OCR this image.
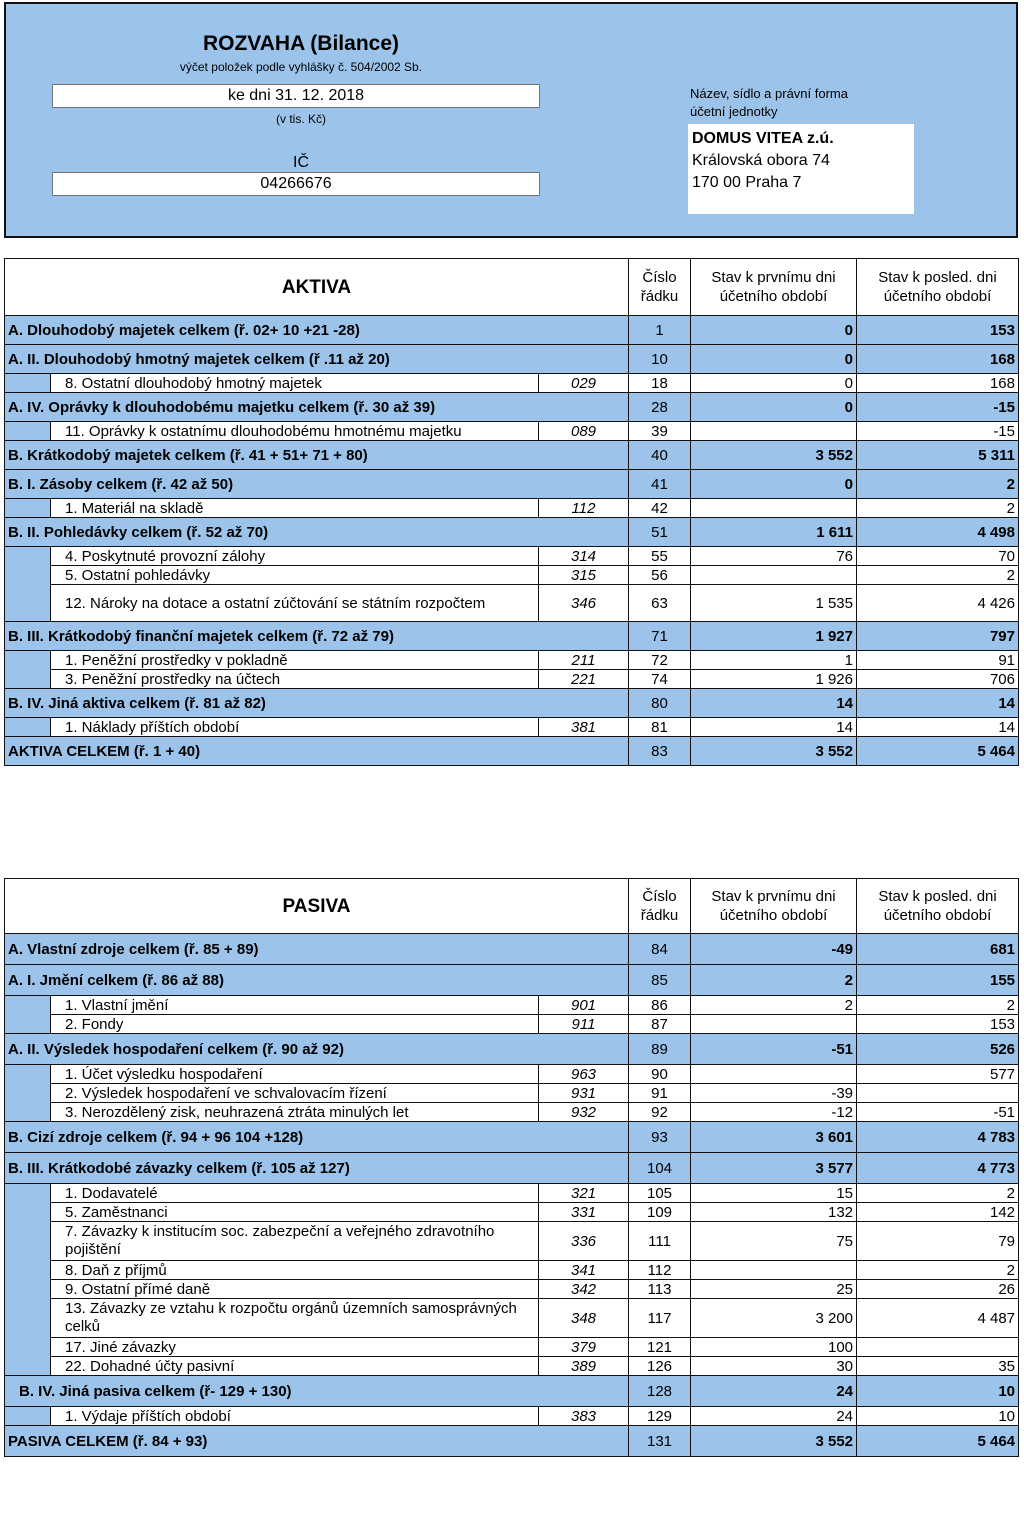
ROZVAHA (Bilance)
výčet položek podle vyhlášky č. 504/2002 Sb.
ke dni 31. 12. 2018
(v tis. Kč)
IČ
04266676
Název, sídlo a právní forma
účetní jednotky
DOMUS VITEA z.ú.
Královská obora 74
170 00 Praha 7
AKTIVA			Číslo
řádku	Stav k prvnímu dni
účetního období	Stav k posled. dni
účetního období
A. Dlouhodobý majetek celkem (ř. 02+ 10 +21 -28)			1	0	153
A. II. Dlouhodobý hmotný majetek celkem (ř .11 až 20)			10	0	168
	8. Ostatní dlouhodobý hmotný majetek	029	18	0	168
A. IV. Oprávky k dlouhodobému majetku celkem (ř. 30 až 39)			28	0	-15
	11. Oprávky k ostatnímu dlouhodobému hmotnému majetku	089	39		-15
B. Krátkodobý majetek celkem (ř. 41 + 51+ 71 + 80)			40	3 552	5 311
B. I. Zásoby celkem (ř. 42 až 50)			41	0	2
	1. Materiál na skladě	112	42		2
B. II. Pohledávky celkem (ř. 52 až 70)			51	1 611	4 498
	4. Poskytnuté provozní zálohy	314	55	76	70
	5. Ostatní pohledávky	315	56		2
	12. Nároky na dotace a ostatní zúčtování se státním rozpočtem	346	63	1 535	4 426
B. III. Krátkodobý finanční majetek celkem (ř. 72 až 79)			71	1 927	797
	1. Peněžní prostředky v pokladně	211	72	1	91
	3. Peněžní prostředky na účtech	221	74	1 926	706
B. IV. Jiná aktiva celkem (ř. 81 až 82)			80	14	14
	1. Náklady příštích období	381	81	14	14
AKTIVA CELKEM (ř. 1 + 40)			83	3 552	5 464
PASIVA			Číslo
řádku	Stav k prvnímu dni
účetního období	Stav k posled. dni
účetního období
A. Vlastní zdroje celkem (ř. 85 + 89)			84	-49	681
A. I. Jmění celkem (ř. 86 až 88)			85	2	155
	1. Vlastní jmění	901	86	2	2
	2. Fondy	911	87		153
A. II. Výsledek hospodaření celkem (ř. 90 až 92)			89	-51	526
	1. Účet výsledku hospodaření	963	90		577
	2. Výsledek hospodaření ve schvalovacím řízení	931	91	-39	
	3. Nerozdělený zisk, neuhrazená ztráta minulých let	932	92	-12	-51
B. Cizí zdroje celkem (ř. 94 + 96 104 +128)			93	3 601	4 783
B. III. Krátkodobé závazky celkem (ř. 105 až 127)			104	3 577	4 773
	1. Dodavatelé	321	105	15	2
	5. Zaměstnanci	331	109	132	142
	7. Závazky k institucím soc. zabezpeční a veřejného zdravotního pojištění	336	111	75	79
	8. Daň z příjmů	341	112		2
	9. Ostatní přímé daně	342	113	25	26
	13. Závazky ze vztahu k rozpočtu orgánů územních samosprávných celků	348	117	3 200	4 487
	17. Jiné závazky	379	121	100	
	22. Dohadné účty pasivní	389	126	30	35
B. IV. Jiná pasiva celkem (ř- 129 + 130)			128	24	10
	1. Výdaje příštích období	383	129	24	10
PASIVA CELKEM (ř. 84 + 93)			131	3 552	5 464
